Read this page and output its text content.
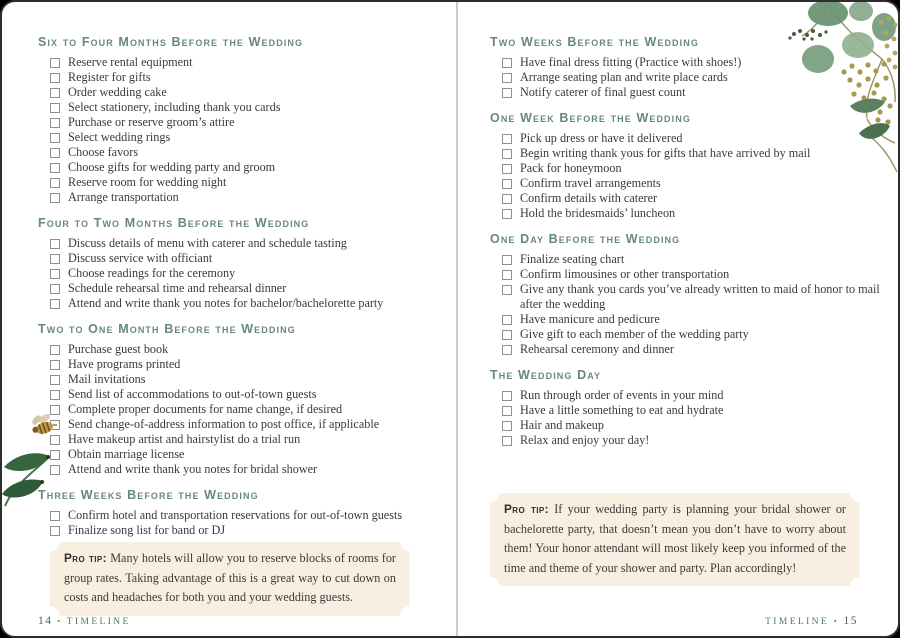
Six to Four Months Before the Wedding
Reserve rental equipment
Register for gifts
Order wedding cake
Select stationery, including thank you cards
Purchase or reserve groom’s attire
Select wedding rings
Choose favors
Choose gifts for wedding party and groom
Reserve room for wedding night
Arrange transportation
Four to Two Months Before the Wedding
Discuss details of menu with caterer and schedule tasting
Discuss service with officiant
Choose readings for the ceremony
Schedule rehearsal time and rehearsal dinner
Attend and write thank you notes for bachelor/bachelorette party
Two to One Month Before the Wedding
Purchase guest book
Have programs printed
Mail invitations
Send list of accommodations to out-of-town guests
Complete proper documents for name change, if desired
Send change-of-address information to post office, if applicable
Have makeup artist and hairstylist do a trial run
Obtain marriage license
Attend and write thank you notes for bridal shower
Three Weeks Before the Wedding
Confirm hotel and transportation reservations for out-of-town guests
Finalize song list for band or DJ
Pro tip: Many hotels will allow you to reserve blocks of rooms for group rates. Taking advantage of this is a great way to cut down on costs and headaches for both you and your wedding guests.
14 • TIMELINE
Two Weeks Before the Wedding
Have final dress fitting (Practice with shoes!)
Arrange seating plan and write place cards
Notify caterer of final guest count
One Week Before the Wedding
Pick up dress or have it delivered
Begin writing thank yous for gifts that have arrived by mail
Pack for honeymoon
Confirm travel arrangements
Confirm details with caterer
Hold the bridesmaids’ luncheon
One Day Before the Wedding
Finalize seating chart
Confirm limousines or other transportation
Give any thank you cards you’ve already written to maid of honor to mail after the wedding
Have manicure and pedicure
Give gift to each member of the wedding party
Rehearsal ceremony and dinner
The Wedding Day
Run through order of events in your mind
Have a little something to eat and hydrate
Hair and makeup
Relax and enjoy your day!
Pro tip: If your wedding party is planning your bridal shower or bachelorette party, that doesn’t mean you don’t have to worry about them! Your honor attendant will most likely keep you informed of the time and theme of your shower and party. Plan accordingly!
TIMELINE • 15
